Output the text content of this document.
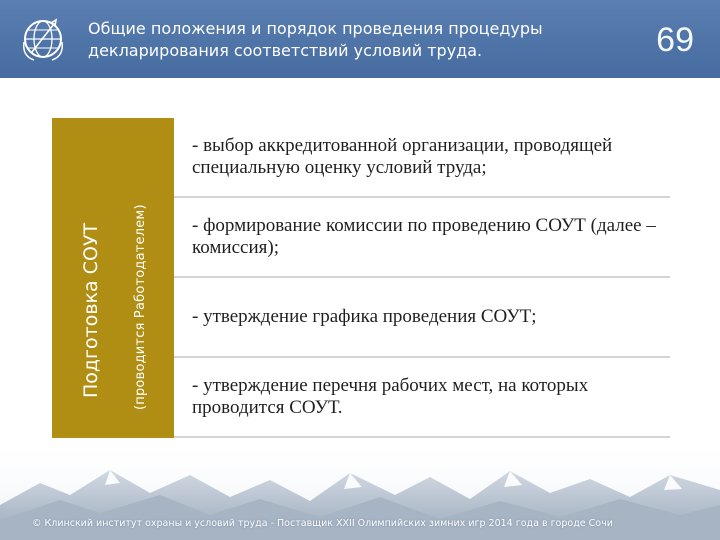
Общие положения и порядок проведения процедуры
декларирования соответствий условий труда.	69
Подготовка СОУТ (проводится Работодателем)
- выбор аккредитованной организации, проводящей специальную оценку условий труда;
- формирование комиссии по проведению СОУТ (далее – комиссия);
- утверждение графика проведения СОУТ;
- утверждение перечня рабочих мест, на которых проводится СОУТ.
© Клинский институт охраны и условий труда - Поставщик XXII Олимпийских зимних игр 2014 года в городе Сочи
